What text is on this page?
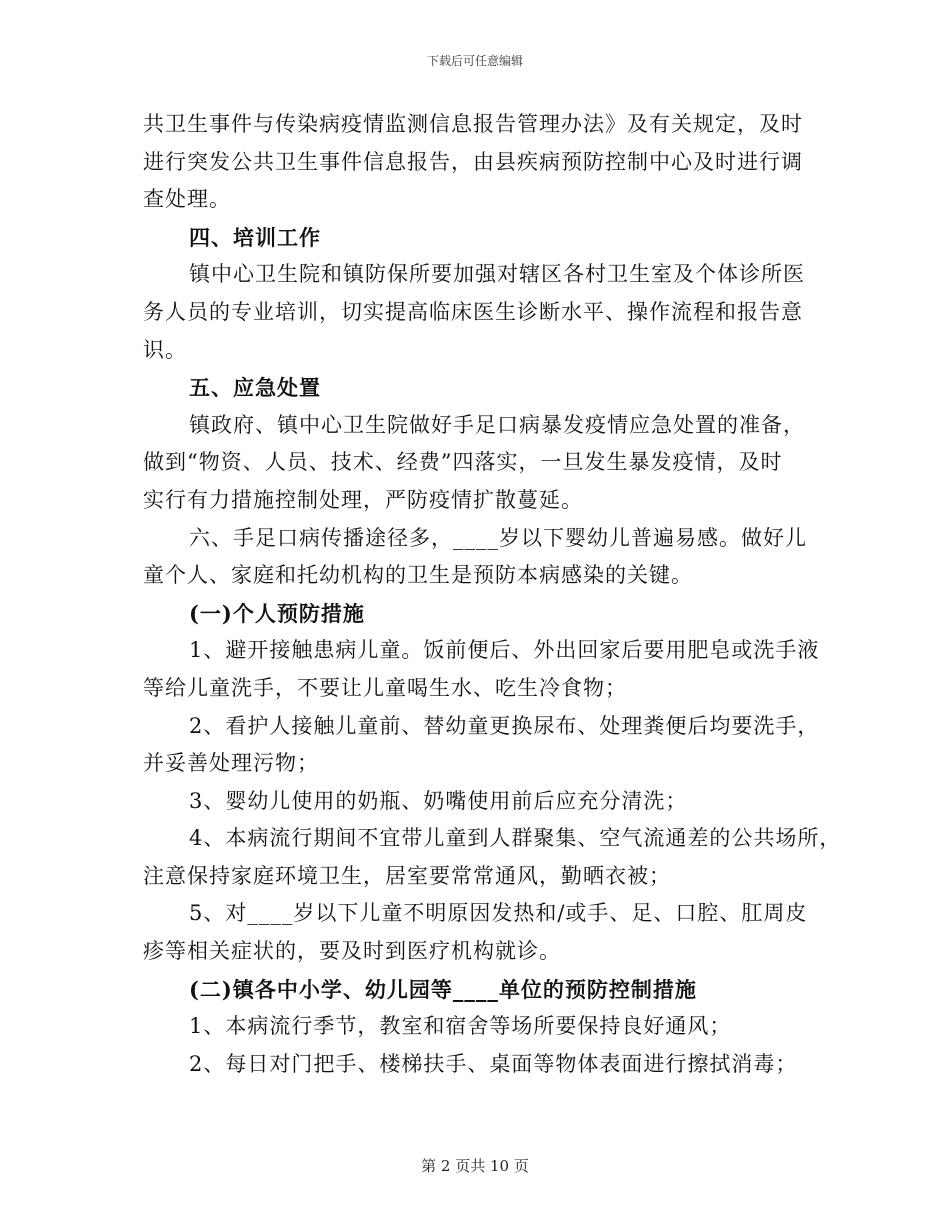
下载后可任意编辑
共卫生事件与传染病疫情监测信息报告管理办法》及有关规定，及时
进行突发公共卫生事件信息报告，由县疾病预防控制中心及时进行调
查处理。
四、培训工作
镇中心卫生院和镇防保所要加强对辖区各村卫生室及个体诊所医
务人员的专业培训，切实提高临床医生诊断水平、操作流程和报告意
识。
五、应急处置
镇政府、镇中心卫生院做好手足口病暴发疫情应急处置的准备，
做到“物资、人员、技术、经费”四落实，一旦发生暴发疫情，及时
实行有力措施控制处理，严防疫情扩散蔓延。
六、手足口病传播途径多，____岁以下婴幼儿普遍易感。做好儿
童个人、家庭和托幼机构的卫生是预防本病感染的关键。
(一)个人预防措施
1、避开接触患病儿童。饭前便后、外出回家后要用肥皂或洗手液
等给儿童洗手，不要让儿童喝生水、吃生冷食物；
2、看护人接触儿童前、替幼童更换尿布、处理粪便后均要洗手，
并妥善处理污物；
3、婴幼儿使用的奶瓶、奶嘴使用前后应充分清洗；
4、本病流行期间不宜带儿童到人群聚集、空气流通差的公共场所，
注意保持家庭环境卫生，居室要常常通风，勤晒衣被；
5、对____岁以下儿童不明原因发热和/或手、足、口腔、肛周皮
疹等相关症状的，要及时到医疗机构就诊。
(二)镇各中小学、幼儿园等____单位的预防控制措施
1、本病流行季节，教室和宿舍等场所要保持良好通风；
2、每日对门把手、楼梯扶手、桌面等物体表面进行擦拭消毒；
第 2 页共 10 页
